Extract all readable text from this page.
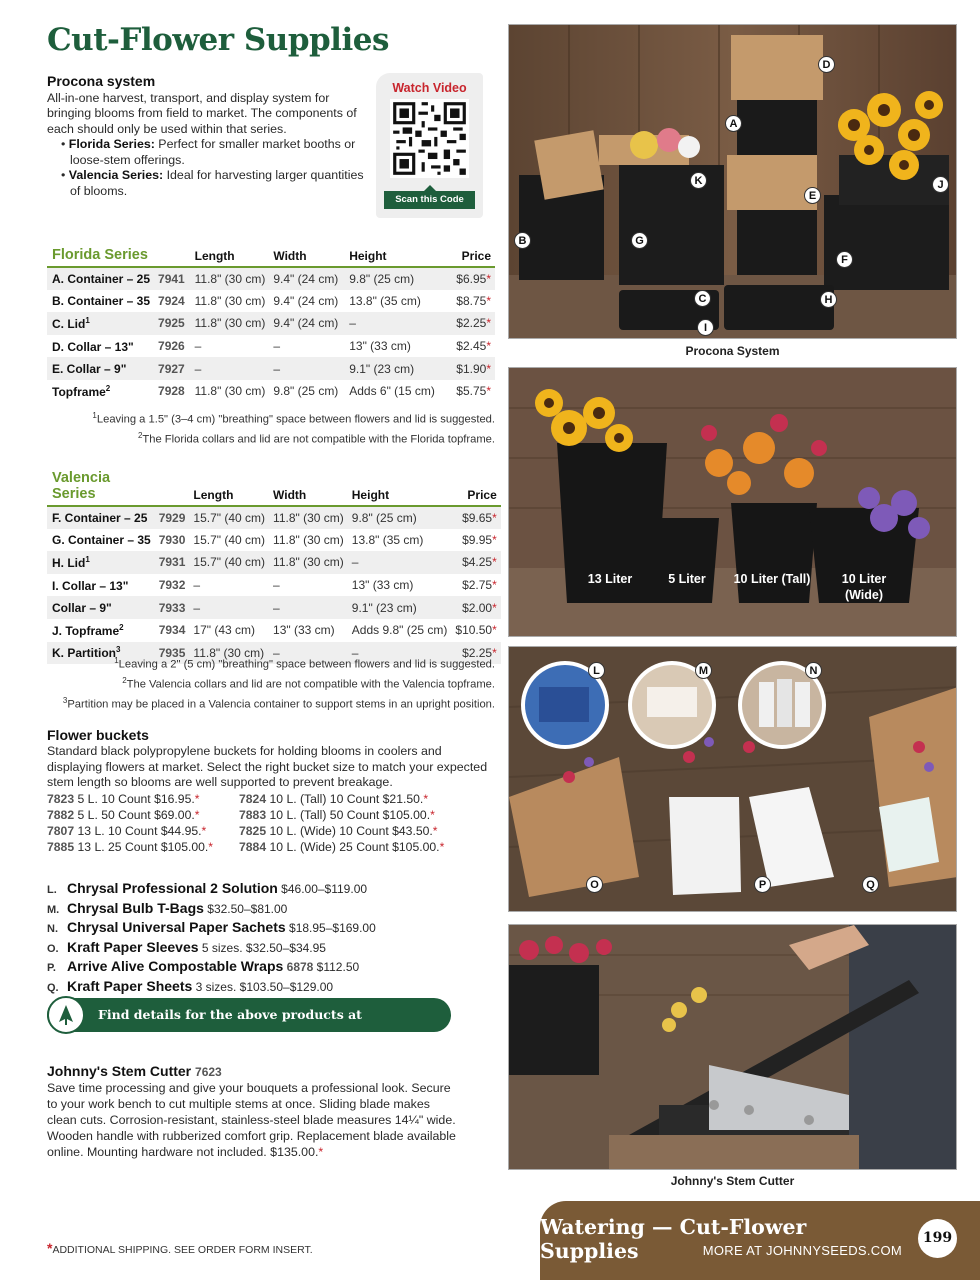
Cut-Flower Supplies
Procona system

All-in-one harvest, transport, and display system for bringing blooms from field to market. The components of each should only be used within that series.

• Florida Series: Perfect for smaller market booths or loose-stem offerings.

• Valencia Series: Ideal for harvesting larger quantities of blooms.

Watch Video
Scan this Code
Florida Series		Length	Width	Height	Price
A. Container – 25	7941	11.8" (30 cm)	9.4" (24 cm)	9.8" (25 cm)	$6.95*
B. Container – 35	7924	11.8" (30 cm)	9.4" (24 cm)	13.8" (35 cm)	$8.75*
C. Lid$^1$	7925	11.8" (30 cm)	9.4" (24 cm)	–	$2.25*
D. Collar – 13"	7926	–	–	13" (33 cm)	$2.45*
E. Collar – 9"	7927	–	–	9.1" (23 cm)	$1.90*
Topframe$^2$	7928	11.8" (30 cm)	9.8" (25 cm)	Adds 6" (15 cm)	$5.75*
$^1$Leaving a 1.5" (3–4 cm) "breathing" space between flowers and lid is suggested.
$^2$The Florida collars and lid are not compatible with the Florida topframe.
Valencia Series		Length	Width	Height	Price
F. Container – 25	7929	15.7" (40 cm)	11.8" (30 cm)	9.8" (25 cm)	$9.65*
G. Container – 35	7930	15.7" (40 cm)	11.8" (30 cm)	13.8" (35 cm)	$9.95*
H. Lid$^1$	7931	15.7" (40 cm)	11.8" (30 cm)	–	$4.25*
I. Collar – 13"	7932	–	–	13" (33 cm)	$2.75*
Collar – 9"	7933	–	–	9.1" (23 cm)	$2.00*
J. Topframe$^2$	7934	17" (43 cm)	13" (33 cm)	Adds 9.8" (25 cm)	$10.50*
K. Partition$^3$	7935	11.8" (30 cm)	–	–	$2.25*
$^1$Leaving a 2" (5 cm) "breathing" space between flowers and lid is suggested.
$^2$The Valencia collars and lid are not compatible with the Valencia topframe.
$^3$Partition may be placed in a Valencia container to support stems in an upright position.
Flower buckets

Standard black polypropylene buckets for holding blooms in coolers and displaying flowers at market. Select the right bucket size to match your expected stem length so blooms are well supported to prevent breakage.

7823 5 L. 10 Count $16.95.*	7824 10 L. (Tall) 10 Count $21.50.*
7882 5 L. 50 Count $69.00.*	7883 10 L. (Tall) 50 Count $105.00.*
7807 13 L. 10 Count $44.95.*	7825 10 L. (Wide) 10 Count $43.50.*
7885 13 L. 25 Count $105.00.*	7884 10 L. (Wide) 25 Count $105.00.*
L. Chrysal Professional 2 Solution $46.00–$119.00
M. Chrysal Bulb T-Bags $32.50–$81.00
N. Chrysal Universal Paper Sachets $18.95–$169.00
O. Kraft Paper Sleeves 5 sizes. $32.50–$34.95
P. Arrive Alive Compostable Wraps 6878 $112.50
Q. Kraft Paper Sheets 3 sizes. $103.50–$129.00
Find details for the above products at Johnnyseeds.com
Johnny's Stem Cutter 7623

Save time processing and give your bouquets a professional look. Secure to your work bench to cut multiple stems at once. Sliding blade makes clean cuts. Corrosion-resistant, stainless-steel blade measures 14¼" wide. Wooden handle with rubberized comfort grip. Replacement blade available online. Mounting hardware not included. $135.00.*

*ADDITIONAL SHIPPING. SEE ORDER FORM INSERT.
D
A
K
E
J
B	G
F
C	H
I
Procona System
13 Liter	5 Liter	10 Liter (Tall)	10 Liter (Wide)
L	M	N
O	P	Q
Johnny's Stem Cutter
Watering — Cut-Flower Supplies	MORE AT JOHNNYSEEDS.COM
199
